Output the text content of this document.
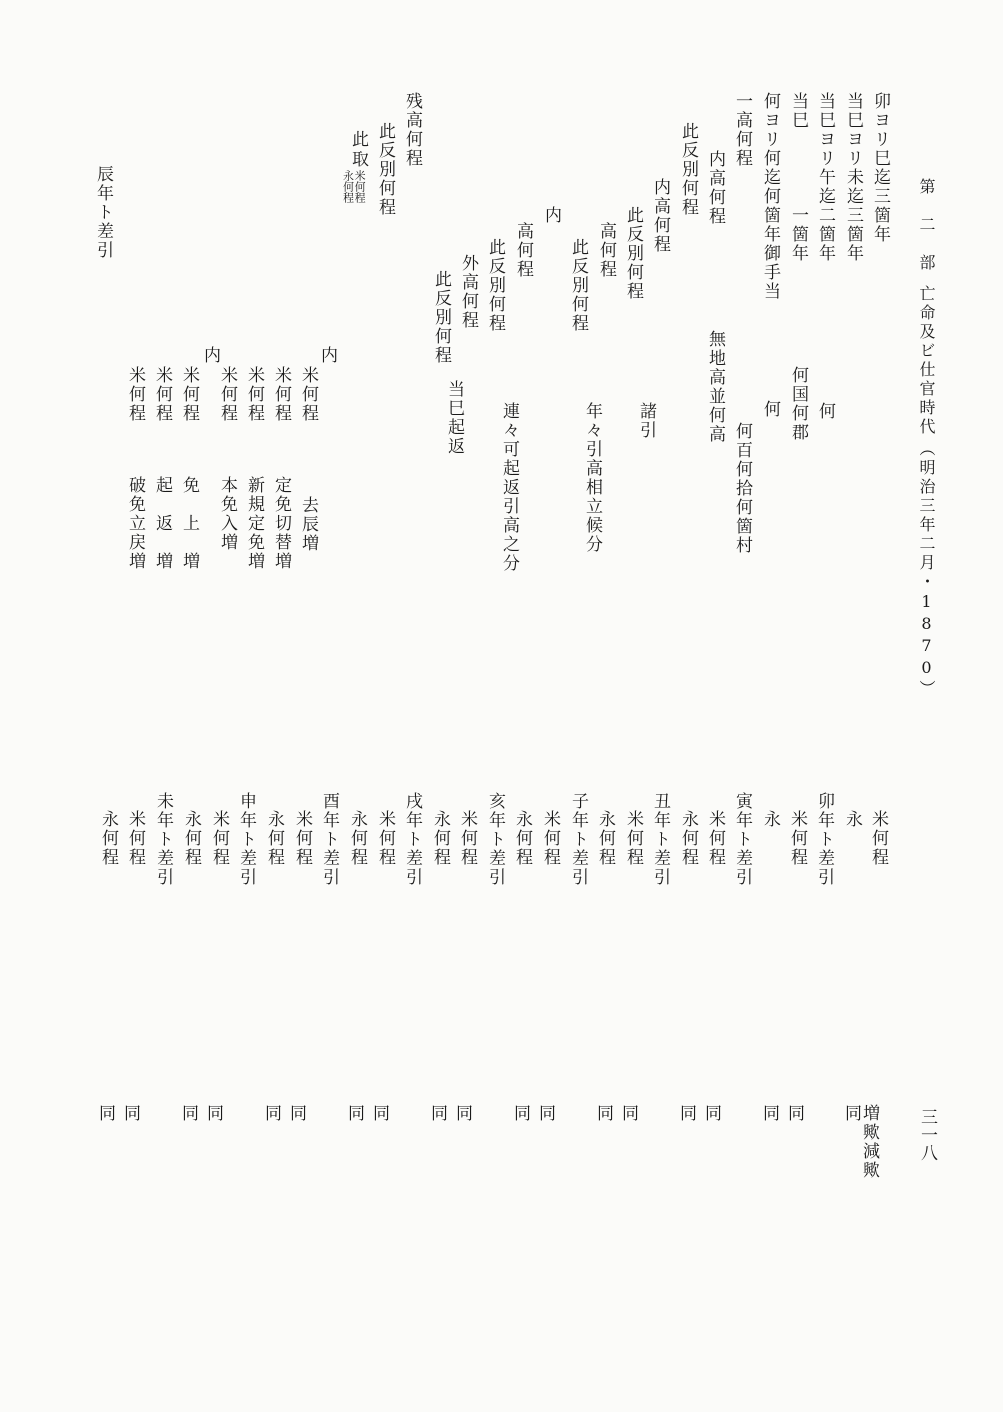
第　二　部
亡命及ビ仕官時代
（明治三年二月・1870）
三一八
卯ヨリ巳迄三箇年
当巳ヨリ未迄三箇年
当巳ヨリ午迄二箇年
当巳
一箇年
何ヨリ何迄何箇年御手当
一高何程
内高何程
此反別何程
内高何程
此反別何程
高何程
此反別何程
内
高何程
此反別何程
外高何程
此反別何程
残高何程
此反別何程
此
取
米何程
永何程
辰年ト差引
何
何国何郡
何
何百何拾何箇村
無地高並何高
諸引
年々引高相立候分
連々可起返引高之分
当巳起返
内
内
米何程
去辰増
米何程
定免切替増
米何程
新規定免増
米何程
本免入増
米何程
免　上　増
米何程
起　返　増
米何程
破免立戻増
米何程
永
卯年ト差引
米何程
永
寅年ト差引
米何程
永何程
丑年ト差引
米何程
永何程
子年ト差引
米何程
永何程
亥年ト差引
米何程
永何程
戌年ト差引
米何程
永何程
酉年ト差引
米何程
永何程
申年ト差引
米何程
永何程
未年ト差引
米何程
永何程
増歟減歟
同
同
同
同
同
同
同
同
同
同
同
同
同
同
同
同
同
同
同
